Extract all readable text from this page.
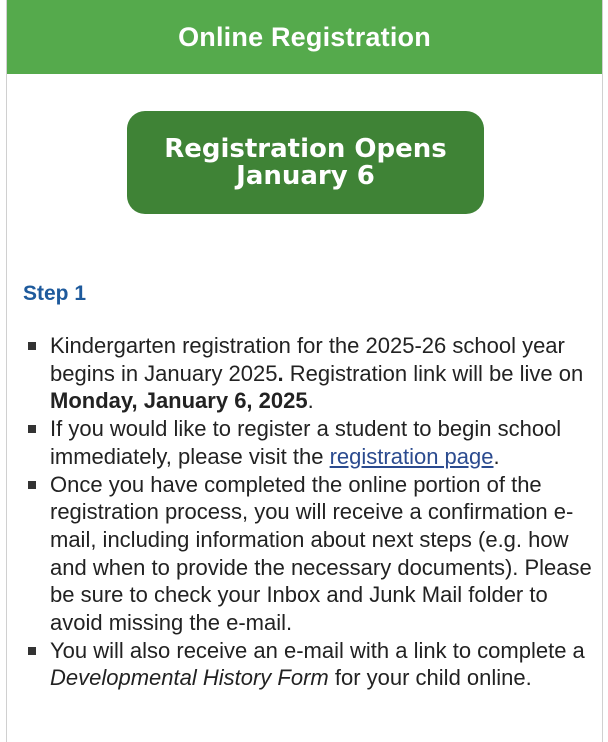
Online Registration
Registration Opens
January 6
Step 1
Kindergarten registration for the 2025-26 school year begins in January 2025. Registration link will be live on Monday, January 6, 2025.
If you would like to register a student to begin school immediately, please visit the registration page.
Once you have completed the online portion of the registration process, you will receive a confirmation e-mail, including information about next steps (e.g. how and when to provide the necessary documents). Please be sure to check your Inbox and Junk Mail folder to avoid missing the e-mail.
You will also receive an e-mail with a link to complete a Developmental History Form for your child online.
